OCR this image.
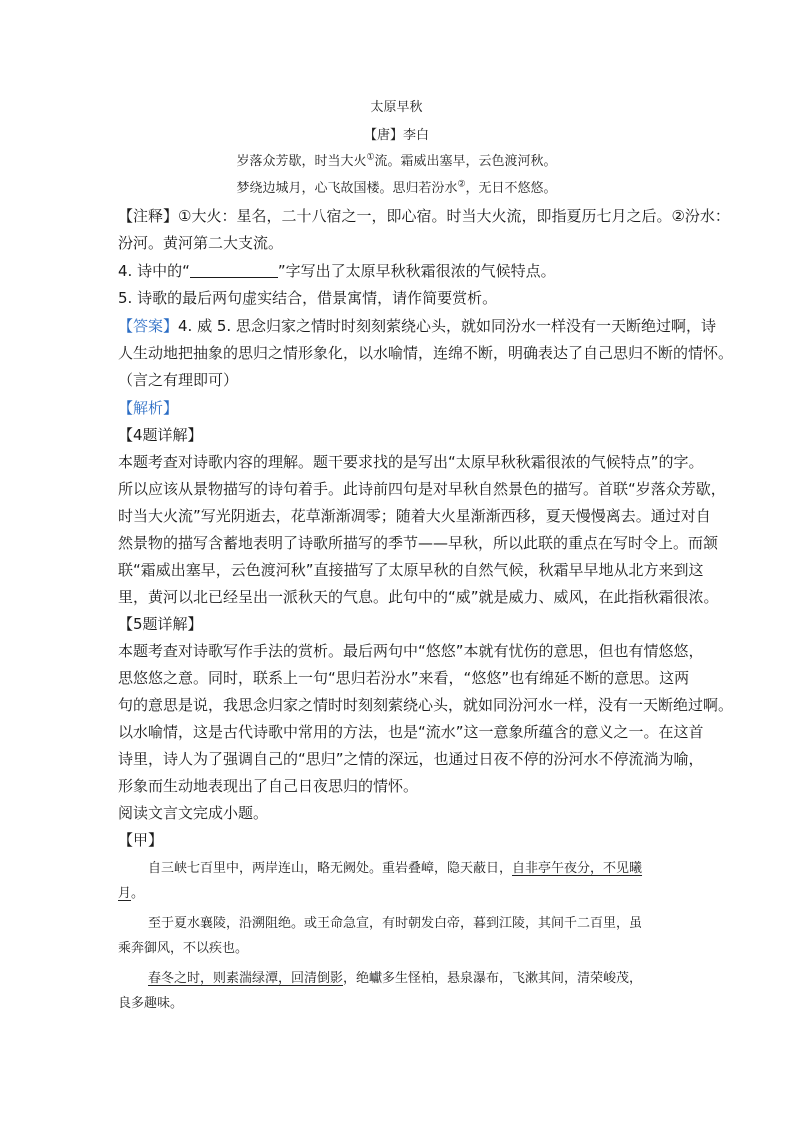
太原早秋
【唐】李白
岁落众芳歇，时当大火①流。霜威出塞早，云色渡河秋。
梦绕边城月，心飞故国楼。思归若汾水②，无日不悠悠。
【注释】①大火：星名，二十八宿之一，即心宿。时当大火流，即指夏历七月之后。②汾水：
汾河。黄河第二大支流。
4. 诗中的“	”字写出了太原早秋秋霜很浓的气候特点。
5. 诗歌的最后两句虚实结合，借景寓情，请作简要赏析。
【答案】4. 威 5. 思念归家之情时时刻刻萦绕心头，就如同汾水一样没有一天断绝过啊，诗
人生动地把抽象的思归之情形象化，以水喻情，连绵不断，明确表达了自己思归不断的情怀。
（言之有理即可）
【解析】
【4题详解】
本题考查对诗歌内容的理解。题干要求找的是写出“太原早秋秋霜很浓的气候特点”的字。
所以应该从景物描写的诗句着手。此诗前四句是对早秋自然景色的描写。首联“岁落众芳歇，
时当大火流”写光阴逝去，花草渐渐凋零；随着大火星渐渐西移，夏天慢慢离去。通过对自
然景物的描写含蓄地表明了诗歌所描写的季节——早秋，所以此联的重点在写时令上。而颔
联“霜威出塞早，云色渡河秋”直接描写了太原早秋的自然气候，秋霜早早地从北方来到这
里，黄河以北已经呈出一派秋天的气息。此句中的“威”就是威力、威风，在此指秋霜很浓。
【5题详解】
本题考查对诗歌写作手法的赏析。最后两句中“悠悠”本就有忧伤的意思，但也有情悠悠，
思悠悠之意。同时，联系上一句“思归若汾水”来看，“悠悠”也有绵延不断的意思。这两
句的意思是说，我思念归家之情时时刻刻萦绕心头，就如同汾河水一样，没有一天断绝过啊。
以水喻情，这是古代诗歌中常用的方法，也是“流水”这一意象所蕴含的意义之一。在这首
诗里，诗人为了强调自己的“思归”之情的深远，也通过日夜不停的汾河水不停流淌为喻，
形象而生动地表现出了自己日夜思归的情怀。
阅读文言文完成小题。
【甲】
自三峡七百里中，两岸连山，略无阙处。重岩叠嶂，隐天蔽日，自非亭午夜分，不见曦
月。
至于夏水襄陵，沿溯阻绝。或王命急宣，有时朝发白帝，暮到江陵，其间千二百里，虽
乘奔御风，不以疾也。
春冬之时，则素湍绿潭，回清倒影，绝巘多生怪柏，悬泉瀑布，飞漱其间，清荣峻茂，
良多趣味。
